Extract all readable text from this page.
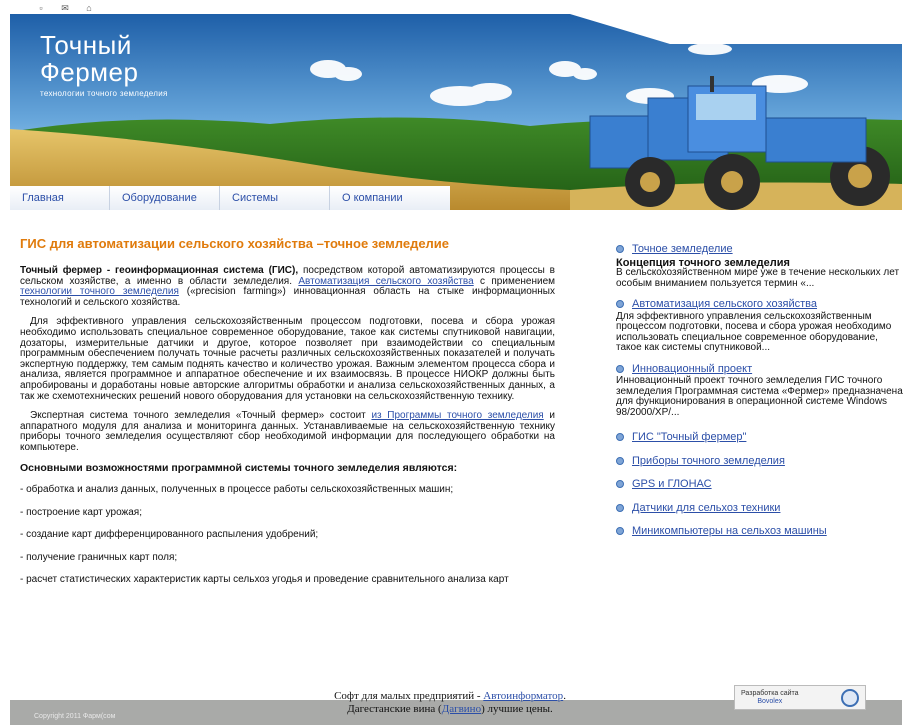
▫	✉ ⌂
Точный
Фермер
технологии точного земледелия
Главная	Оборудование	Системы	О компании
ГИС для автоматизации сельского хозяйства –точное земледелие

Точный фермер - геоинформационная система (ГИС), посредством которой автоматизируются процессы в сельском хозяйстве, а именно в области земледелия. Автоматизация сельского хозяйства с применением технологии точного земледелия («precision farming») инновационная область на стыке информационных технологий и сельского хозяйства.

Для эффективного управления сельскохозяйственным процессом подготовки, посева и сбора урожая необходимо использовать специальное современное оборудование, такое как системы спутниковой навигации, дозаторы, измерительные датчики и другое, которое позволяет при взаимодействии со специальным программным обеспечением получать точные расчеты различных сельскохозяйственных показателей и получать экспертную поддержку, тем самым поднять качество и количество урожая. Важным элементом процесса сбора и анализа, является программное и аппаратное обеспечение и их взаимосвязь. В процессе НИОКР должны быть апробированы и доработаны новые авторские алгоритмы обработки и анализа сельскохозяйственных данных, а так же схемотехнических решений нового оборудования для установки на сельскохозяйственную технику.

Экспертная система точного земледелия «Точный фермер» состоит из Программы точного земледелия и аппаратного модуля для анализа и мониторинга данных. Устанавливаемые на сельскохозяйственную технику приборы точного земледелия осуществляют сбор необходимой информации для последующего обработки на компьютере.

Основными возможностями программной системы точного земледелия являются:
- обработка и анализ данных, полученных в процессе работы сельскохозяйственных машин;
- построение карт урожая;
- создание карт дифференцированного распыления удобрений;
- получение граничных карт поля;
- расчет статистических характеристик карты сельхоз угодья и проведение сравнительного анализа карт
Точное земледелие
Концепция точного земледелия
В сельскохозяйственном мире уже в течение нескольких лет особым вниманием пользуется термин «...
Автоматизация сельского хозяйства
Для эффективного управления сельскохозяйственным процессом подготовки, посева и сбора урожая необходимо использовать специальное современное оборудование, такое как системы спутниковой...
Инновационный проект
Инновационный проект точного земледелия ГИС точного земледелия Программная система «Фермер» предназначена для функционирования в операционной системе Windows 98/2000/XP/...
ГИС "Точный фермер"
Приборы точного земледелия
GPS и ГЛОНАС
Датчики для сельхоз техники
Миникомпьютеры на сельхоз машины
Copyright 2011 Фарм(сом
Софт для малых предприятий - Автоинформатор.
Дагестанские вина (Дагвино) лучшие цены.
Разработка сайта
Bovolex
